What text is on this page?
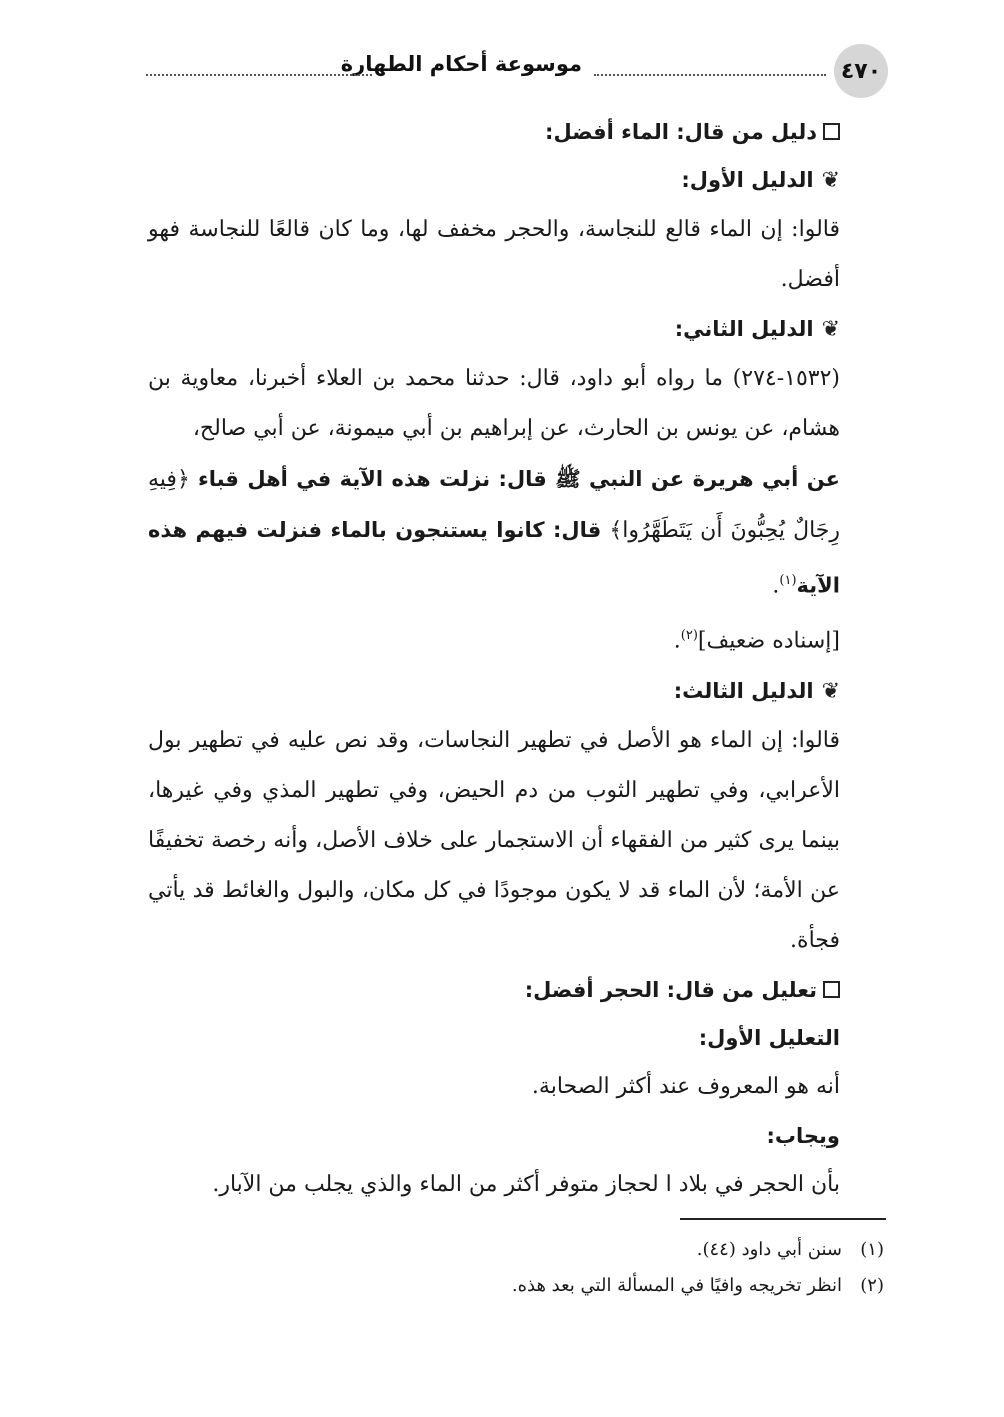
٤٧٠
موسوعة أحكام الطهارة
دليل من قال: الماء أفضل:
❦الدليل الأول:
قالوا: إن الماء قالع للنجاسة، والحجر مخفف لها، وما كان قالعًا للنجاسة فهو أفضل.
❦الدليل الثاني:
(١٥٣٢-٢٧٤) ما رواه أبو داود، قال: حدثنا محمد بن العلاء أخبرنا، معاوية بن هشام، عن يونس بن الحارث، عن إبراهيم بن أبي ميمونة، عن أبي صالح،
عن أبي هريرة عن النبي ﷺ قال: نزلت هذه الآية في أهل قباء ﴿فِيهِ رِجَالٌ يُحِبُّونَ أَن يَتَطَهَّرُوا﴾ قال: كانوا يستنجون بالماء فنزلت فيهم هذه الآية$^{(١)}$.
[إسناده ضعيف]$^{(٢)}$.
❦الدليل الثالث:
قالوا: إن الماء هو الأصل في تطهير النجاسات، وقد نص عليه في تطهير بول الأعرابي، وفي تطهير الثوب من دم الحيض، وفي تطهير المذي وفي غيرها، بينما يرى كثير من الفقهاء أن الاستجمار على خلاف الأصل، وأنه رخصة تخفيفًا عن الأمة؛ لأن الماء قد لا يكون موجودًا في كل مكان، والبول والغائط قد يأتي فجأة.
تعليل من قال: الحجر أفضل:
التعليل الأول:
أنه هو المعروف عند أكثر الصحابة.
ويجاب:
بأن الحجر في بلاد ا لحجاز متوفر أكثر من الماء والذي يجلب من الآبار.
(١)سنن أبي داود (٤٤).
(٢)انظر تخريجه وافيًا في المسألة التي بعد هذه.
